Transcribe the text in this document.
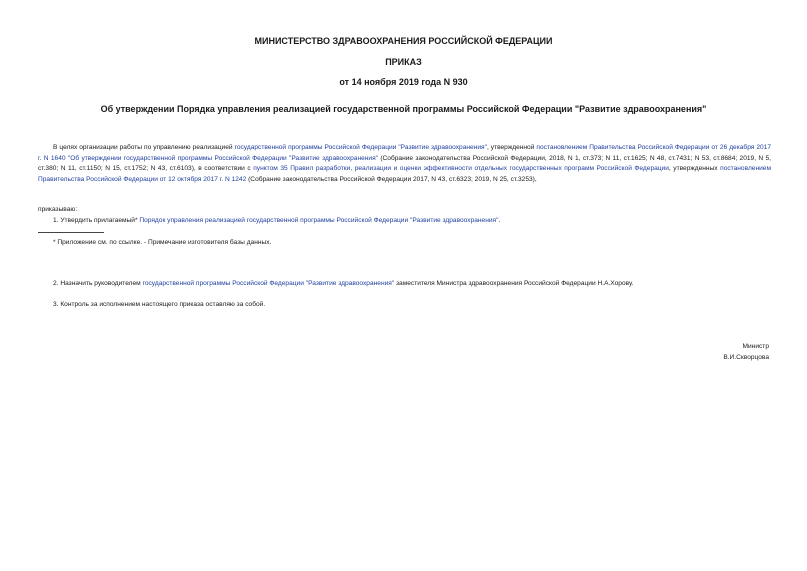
МИНИСТЕРСТВО ЗДРАВООХРАНЕНИЯ РОССИЙСКОЙ ФЕДЕРАЦИИ
ПРИКАЗ
от 14 ноября 2019 года N 930
Об утверждении Порядка управления реализацией государственной программы Российской Федерации "Развитие здравоохранения"
В целях организации работы по управлению реализацией государственной программы Российской Федерации "Развитие здравоохранения", утвержденной постановлением Правительства Российской Федерации от 26 декабря 2017 г. N 1640 "Об утверждении государственной программы Российской Федерации "Развитие здравоохранения" (Собрание законодательства Российской Федерации, 2018, N 1, ст.373; N 11, ст.1625; N 48, ст.7431; N 53, ст.8684; 2019, N 5, ст.380; N 11, ст.1150; N 15, ст.1752; N 43, ст.6103), в соответствии с пунктом 35 Правил разработки, реализации и оценки эффективности отдельных государственных программ Российской Федерации, утвержденных постановлением Правительства Российской Федерации от 12 октября 2017 г. N 1242 (Собрание законодательства Российской Федерации 2017, N 43, ст.6323; 2019, N 25, ст.3253),
приказываю:
1. Утвердить прилагаемый* Порядок управления реализацией государственной программы Российской Федерации "Развитие здравоохранения".
* Приложение см. по ссылке. - Примечание изготовителя базы данных.
2. Назначить руководителем государственной программы Российской Федерации "Развитие здравоохранения" заместителя Министра здравоохранения Российской Федерации Н.А.Хорову.
3. Контроль за исполнением настоящего приказа оставляю за собой.
Министр
В.И.Скворцова
